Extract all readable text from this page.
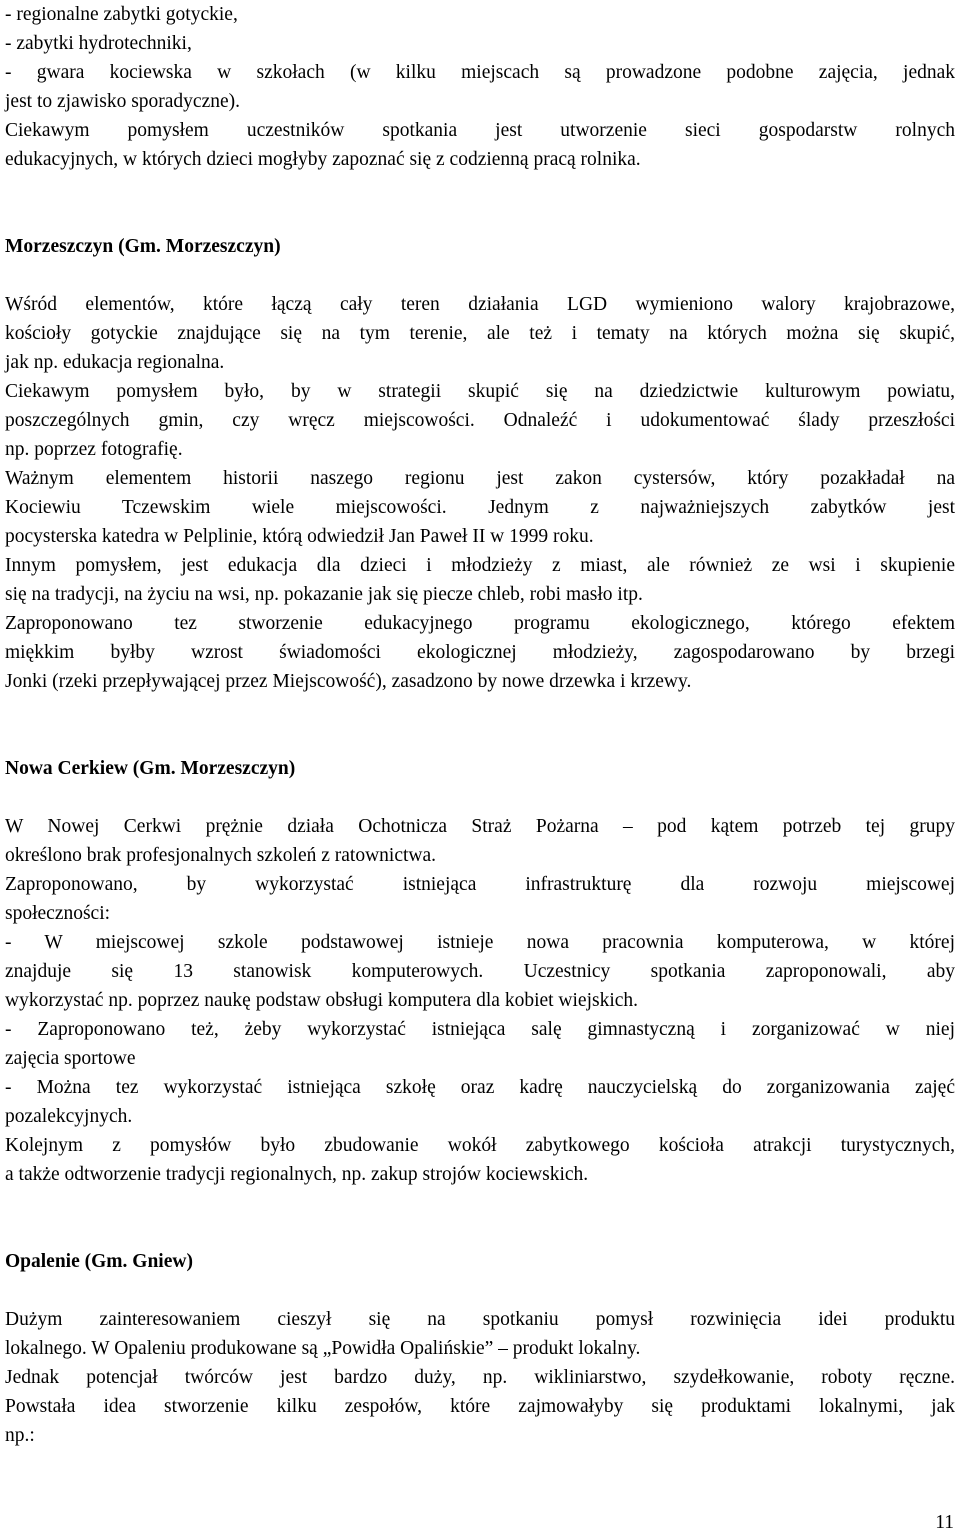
- regionalne zabytki gotyckie,

- zabytki hydrotechniki,

- gwara kociewska w szkołach (w kilku miejscach są prowadzone podobne zajęcia, jednak

jest to zjawisko sporadyczne).

Ciekawym pomysłem uczestników spotkania jest utworzenie sieci gospodarstw rolnych

edukacyjnych, w których dzieci mogłyby zapoznać się z codzienną pracą rolnika.

Morzeszczyn (Gm. Morzeszczyn)

Wśród elementów, które łączą cały teren działania LGD wymieniono walory krajobrazowe,

kościoły gotyckie znajdujące się na tym terenie, ale też i tematy na których można się skupić,

jak np. edukacja regionalna.

Ciekawym pomysłem było, by w strategii skupić się na dziedzictwie kulturowym powiatu,

poszczególnych gmin, czy wręcz miejscowości. Odnaleźć i udokumentować ślady przeszłości

np. poprzez fotografię.

Ważnym elementem historii naszego regionu jest zakon cystersów, który pozakładał na

Kociewiu Tczewskim wiele miejscowości. Jednym z najważniejszych zabytków jest

pocysterska katedra w Pelplinie, którą odwiedził Jan Paweł II w 1999 roku.

Innym pomysłem, jest edukacja dla dzieci i młodzieży z miast, ale również ze wsi i skupienie

się na tradycji, na życiu na wsi, np. pokazanie jak się piecze chleb, robi masło itp.

Zaproponowano tez stworzenie edukacyjnego programu ekologicznego, którego efektem

miękkim byłby wzrost świadomości ekologicznej młodzieży, zagospodarowano by brzegi

Jonki (rzeki przepływającej przez Miejscowość), zasadzono by nowe drzewka i krzewy.

Nowa Cerkiew (Gm. Morzeszczyn)

W Nowej Cerkwi prężnie działa Ochotnicza Straż Pożarna – pod kątem potrzeb tej grupy

określono brak profesjonalnych szkoleń z ratownictwa.

Zaproponowano, by wykorzystać istniejąca infrastrukturę dla rozwoju miejscowej

społeczności:

- W miejscowej szkole podstawowej istnieje nowa pracownia komputerowa, w której

znajduje się 13 stanowisk komputerowych. Uczestnicy spotkania zaproponowali, aby

wykorzystać np. poprzez naukę podstaw obsługi komputera dla kobiet wiejskich.

- Zaproponowano też, żeby wykorzystać istniejąca salę gimnastyczną i zorganizować w niej

zajęcia sportowe

- Można tez wykorzystać istniejąca szkołę oraz kadrę nauczycielską do zorganizowania zajęć

pozalekcyjnych.

Kolejnym z pomysłów było zbudowanie wokół zabytkowego kościoła atrakcji turystycznych,

a także odtworzenie tradycji regionalnych, np. zakup strojów kociewskich.

Opalenie (Gm. Gniew)

Dużym zainteresowaniem cieszył się na spotkaniu pomysł rozwinięcia idei produktu

lokalnego. W Opaleniu produkowane są „Powidła Opalińskie” – produkt lokalny.

Jednak potencjał twórców jest bardzo duży, np. wikliniarstwo, szydełkowanie, roboty ręczne.

Powstała idea stworzenie kilku zespołów, które zajmowałyby się produktami lokalnymi, jak

np.:

11
